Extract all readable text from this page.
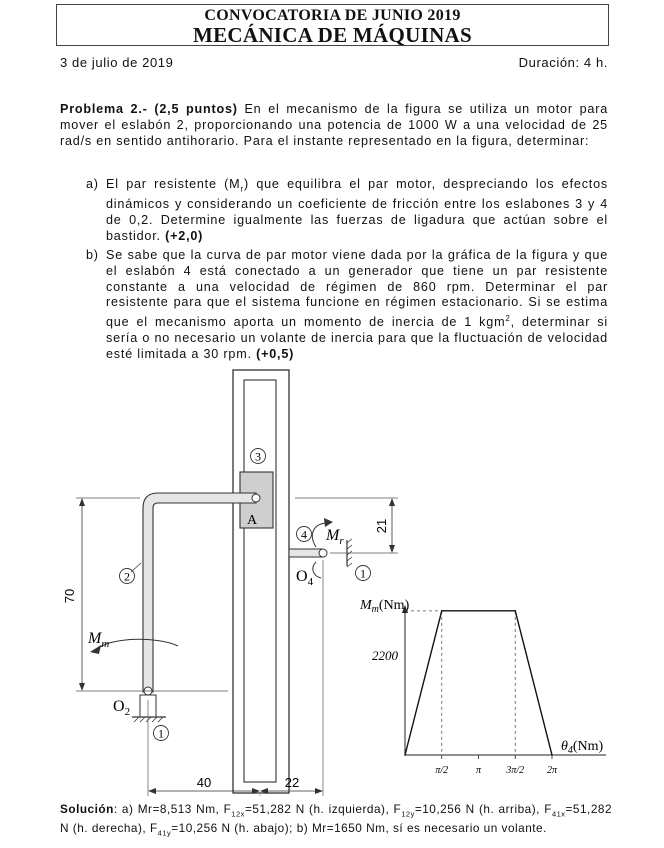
CONVOCATORIA DE JUNIO 2019
MECÁNICA DE MÁQUINAS
3 de julio de 2019	Duración: 4 h.
Problema 2.- (2,5 puntos) En el mecanismo de la figura se utiliza un motor para mover el eslabón 2, proporcionando una potencia de 1000 W a una velocidad de 25 rad/s en sentido antihorario. Para el instante representado en la figura, determinar:
a) El par resistente $(M_r)$ que equilibra el par motor, despreciando los efectos dinámicos y considerando un coeficiente de fricción entre los eslabones 3 y 4 de 0,2. Determine igualmente las fuerzas de ligadura que actúan sobre el bastidor. (+2,0)
b) Se sabe que la curva de par motor viene dada por la gráfica de la figura y que el eslabón 4 está conectado a un generador que tiene un par resistente constante a una velocidad de régimen de 860 rpm. Determinar el par resistente para que el sistema funcione en régimen estacionario. Si se estima que el mecanismo aporta un momento de inercia de 1 kgm$^2$, determinar si sería o no necesario un volante de inercia para que la fluctuación de velocidad esté limitada a 30 rpm. (+0,5)
70
21
40	22
3
4
2	1
1
A
$O_2$
$O_4$
$M_m$
$M_r$
$M_m(Nm)$
$\theta_4(Nm)$
2200
π/2	π	3π/2 2π
Solución: a) Mr=8,513 Nm, $F_{12x}=51,282$ N (h. izquierda), $F_{12y}=10,256$ N (h. arriba), $F_{41x}=51,282$ N (h. derecha), $F_{41y}=10,256$ N (h. abajo); b) Mr=1650 Nm, sí es necesario un volante.
